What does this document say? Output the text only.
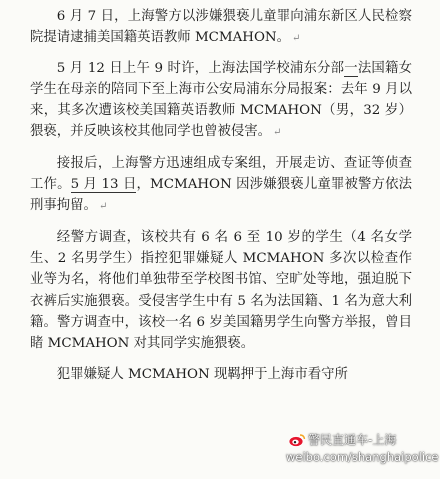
6 月 7 日，上海警方以涉嫌猥亵儿童罪向浦东新区人民检察院提请逮捕美国籍英语教师 MCMAHON。 ↵

5 月 12 日上午 9 时许，上海法国学校浦东分部一法国籍女学生在母亲的陪同下至上海市公安局浦东分局报案：去年 9 月以来，其多次遭该校美国籍英语教师 MCMAHON（男，32 岁）猥亵，并反映该校其他同学也曾被侵害。 ↵

接报后，上海警方迅速组成专案组，开展走访、查证等侦查工作。5 月 13 日，MCMAHON 因涉嫌猥亵儿童罪被警方依法刑事拘留。 ↵

经警方调查，该校共有 6 名 6 至 10 岁的学生（4 名女学生、2 名男学生）指控犯罪嫌疑人 MCMAHON 多次以检查作业等为名，将他们单独带至学校图书馆、空旷处等地，强迫脱下衣裤后实施猥亵。受侵害学生中有 5 名为法国籍、1 名为意大利籍。警方调查中，该校一名 6 岁美国籍男学生向警方举报，曾目睹 MCMAHON 对其同学实施猥亵。

犯罪嫌疑人 MCMAHON 现羁押于上海市看守所

警民直通车-上海
weibo.com/shanghaipolice
